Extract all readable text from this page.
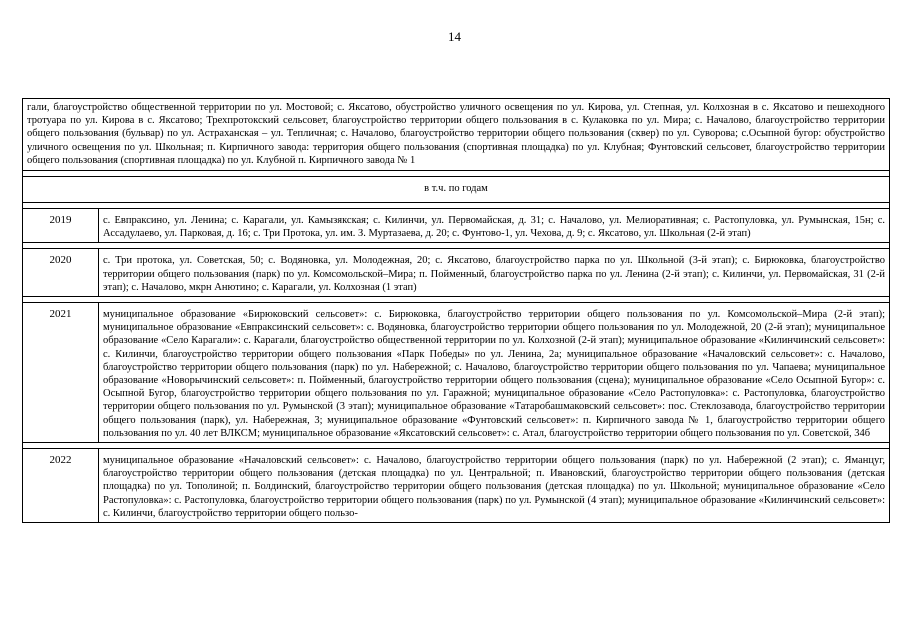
14
гали, благоустройство общественной территории по ул. Мостовой; с. Яксатово, обустройство уличного освещения по ул. Кирова, ул. Степная, ул. Колхозная в с. Яксатово и пешеходного тротуара по ул. Кирова в с. Яксатово; Трехпротокский сельсовет, благоустройство территории общего пользования в с. Кулаковка по ул. Мира; с. Началово, благоустройство территории общего пользования (бульвар) по ул. Астраханская – ул. Тепличная; с. Началово, благоустройство территории общего пользования (сквер) по ул. Суворова; с.Осыпной бугор: обустройство уличного освещения по ул. Школьная; п. Кирпичного завода: территория общего пользования (спортивная площадка) по ул. Клубная; Фунтовский сельсовет, благоустройство территории общего пользования (спортивная площадка) по ул. Клубной п. Кирпичного завода № 1	

в т.ч. по годам	

2019	с. Евпраксино, ул. Ленина; с. Карагали, ул. Камызякская; с. Килинчи, ул. Первомайская, д. 31; с. Началово, ул. Мелиоративная; с. Растопуловка, ул. Румынская, 15н; с. Ассадулаево, ул. Парковая, д. 16; с. Три Протока, ул. им. З. Муртазаева, д. 20; с. Фунтово-1, ул. Чехова, д. 9; с. Яксатово, ул. Школьная (2-й этап)

2020	с. Три протока, ул. Советская, 50; с. Водяновка, ул. Молодежная, 20; с. Яксатово, благоустройство парка по ул. Школьной (3-й этап); с. Бирюковка, благоустройство территории общего пользования (парк) по ул. Комсомольской–Мира; п. Пойменный, благоустройство парка по ул. Ленина (2-й этап); с. Килинчи, ул. Первомайская, 31 (2-й этап); с. Началово, мкрн Анютино; с. Карагали, ул. Колхозная (1 этап)

2021	муниципальное образование «Бирюковский сельсовет»: с. Бирюковка, благоустройство территории общего пользования по ул. Комсомольской–Мира (2-й этап); муниципальное образование «Евпраксинский сельсовет»: с. Водяновка, благоустройство территории общего пользования по ул. Молодежной, 20 (2-й этап); муниципальное образование «Село Карагали»: с. Карагали, благоустройство общественной территории по ул. Колхозной (2-й этап); муниципальное образование «Килинчинский сельсовет»: с. Килинчи, благоустройство территории общего пользования «Парк Победы» по ул. Ленина, 2а; муниципальное образование «Началовский сельсовет»: с. Началово, благоустройство территории общего пользования (парк) по ул. Набережной; с. Началово, благоустройство территории общего пользования по ул. Чапаева; муниципальное образование «Новорычинский сельсовет»: п. Пойменный, благоустройство территории общего пользования (сцена); муниципальное образование «Село Осыпной Бугор»: с. Осыпной Бугор, благоустройство территории общего пользования по ул. Гаражной; муниципальное образование «Село Растопуловка»: с. Растопуловка, благоустройство территории общего пользования по ул. Румынской (3 этап); муниципальное образование «Татаробашмаковский сельсовет»: пос. Стеклозавода, благоустройство территории общего пользования (парк), ул. Набережная, 3; муниципальное образование «Фунтовский сельсовет»: п. Кирпичного завода № 1, благоустройство территории общего пользования по ул. 40 лет ВЛКСМ; муниципальное образование «Яксатовский сельсовет»: с. Атал, благоустройство территории общего пользования по ул. Советской, 34б

2022	муниципальное образование «Началовский сельсовет»: с. Началово, благоустройство территории общего пользования (парк) по ул. Набережной (2 этап); с. Яманцуг, благоустройство территории общего пользования (детская площадка) по ул. Центральной; п. Ивановский, благоустройство территории общего пользования (детская площадка) по ул. Тополиной; п. Болдинский, благоустройство территории общего пользования (детская площадка) по ул. Школьной; муниципальное образование «Село Растопуловка»: с. Растопуловка, благоустройство территории общего пользования (парк) по ул. Румынской (4 этап); муниципальное образование «Килинчинский сельсовет»: с. Килинчи, благоустройство территории общего пользо-
